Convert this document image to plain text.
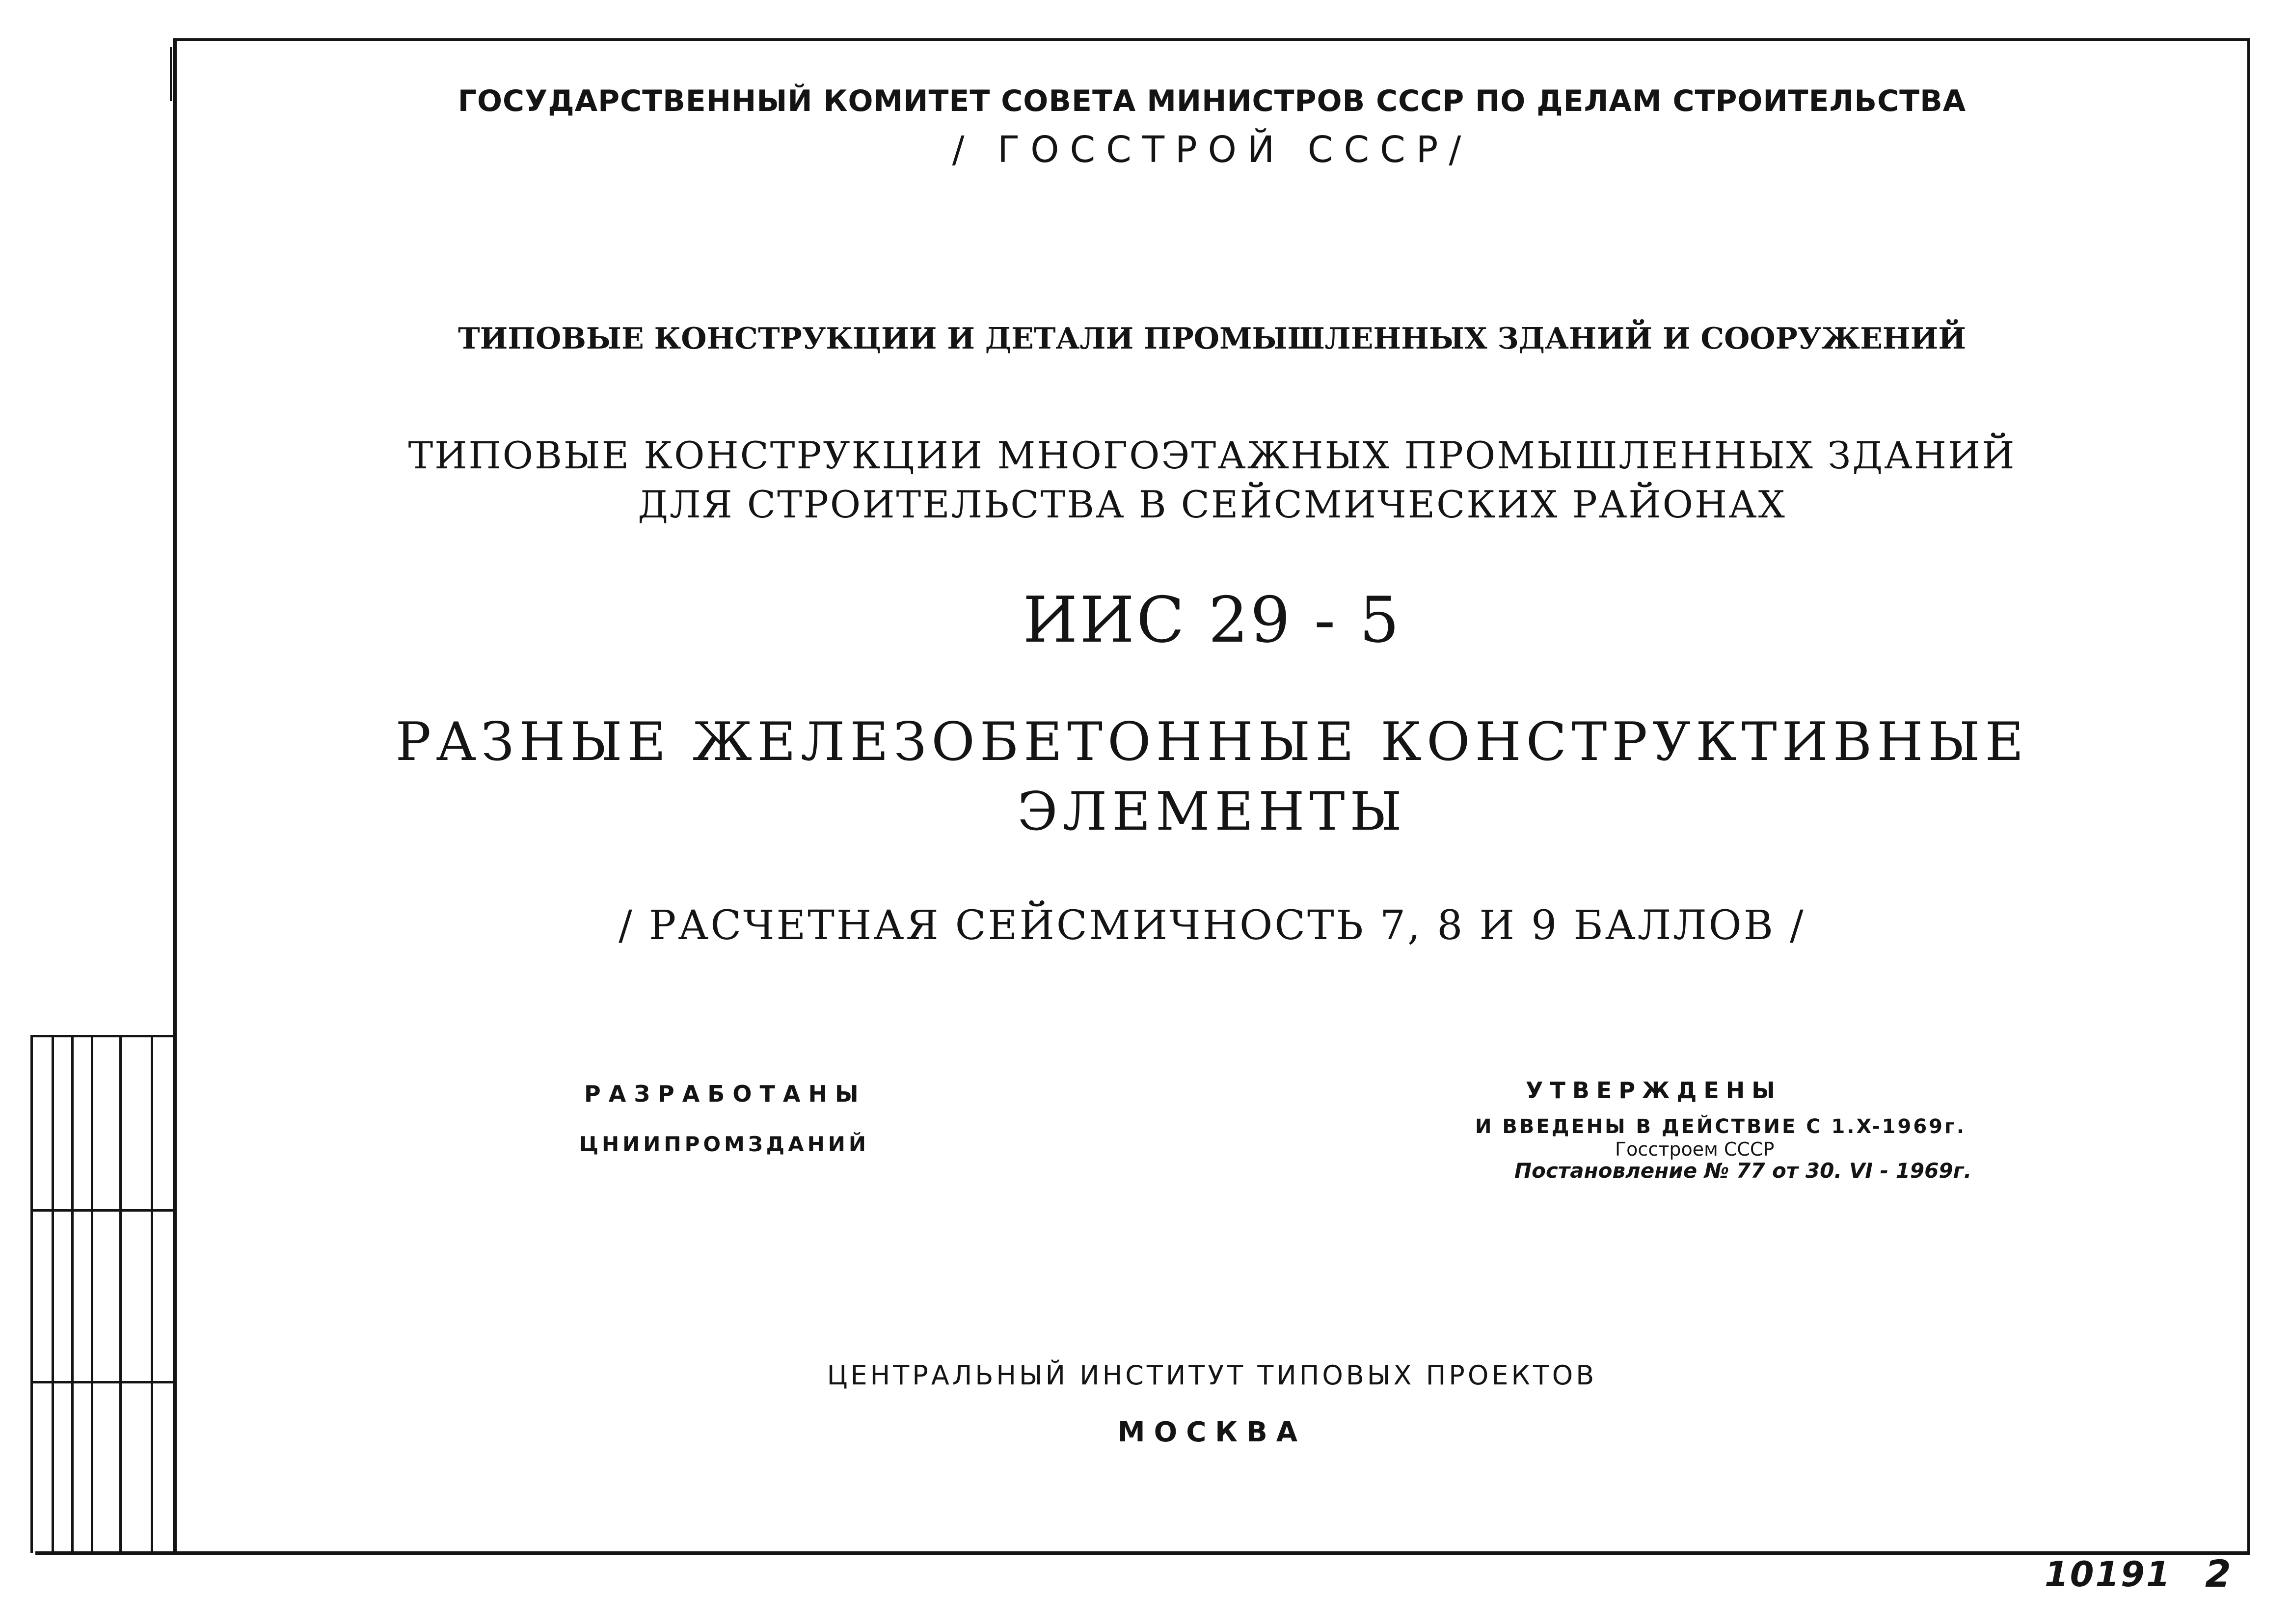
ГОСУДАРСТВЕННЫЙ КОМИТЕТ СОВЕТА МИНИСТРОВ СССР ПО ДЕЛАМ СТРОИТЕЛЬСТВА
/ ГОССТРОЙ СССР/
ТИПОВЫЕ КОНСТРУКЦИИ И ДЕТАЛИ ПРОМЫШЛЕННЫХ ЗДАНИЙ И СООРУЖЕНИЙ
ТИПОВЫЕ КОНСТРУКЦИИ МНОГОЭТАЖНЫХ ПРОМЫШЛЕННЫХ ЗДАНИЙ
ДЛЯ СТРОИТЕЛЬСТВА В СЕЙСМИЧЕСКИХ РАЙОНАХ
ИИС 29 - 5
РАЗНЫЕ ЖЕЛЕЗОБЕТОННЫЕ КОНСТРУКТИВНЫЕ
ЭЛЕМЕНТЫ
/ РАСЧЕТНАЯ СЕЙСМИЧНОСТЬ 7, 8 И 9 БАЛЛОВ /
РАЗРАБОТАНЫ
ЦНИИПРОМЗДАНИЙ
УТВЕРЖДЕНЫ
И ВВЕДЕНЫ В ДЕЙСТВИЕ С 1.X-1969г.
Госстроем СССР
Постановление № 77 от 30. VI - 1969г.
ЦЕНТРАЛЬНЫЙ ИНСТИТУТ ТИПОВЫХ ПРОЕКТОВ
МОСКВА
10191 2
